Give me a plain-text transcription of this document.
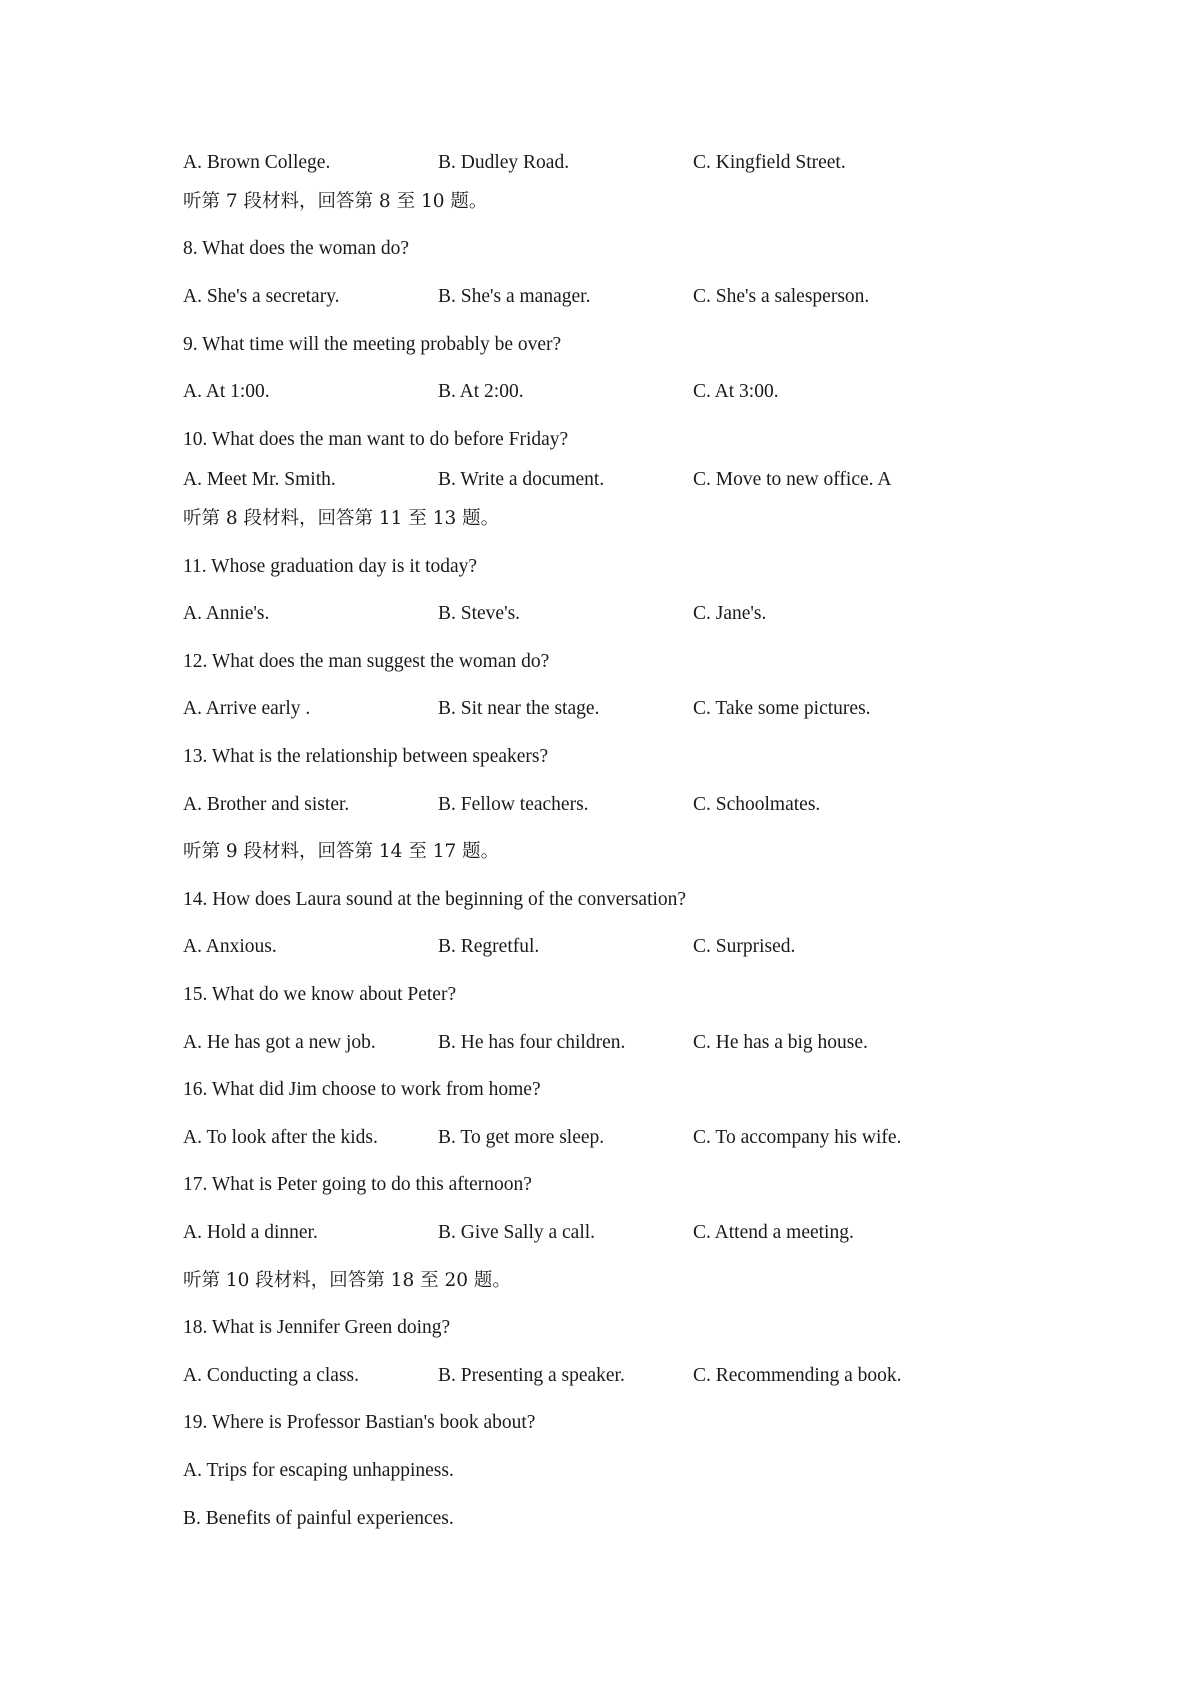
A. Brown College.	B. Dudley Road.	C. Kingfield Street.
听第 7 段材料，回答第 8 至 10 题。
8. What does the woman do?
A. She's a secretary.	B. She's a manager.	C. She's a salesperson.
9. What time will the meeting probably be over?
A. At 1:00.	B. At 2:00.	C. At 3:00.
10. What does the man want to do before Friday?
A. Meet Mr. Smith.	B. Write a document.	C. Move to new office. A
听第 8 段材料，回答第 11 至 13 题。
11. Whose graduation day is it today?
A. Annie's.	B. Steve's.	C. Jane's.
12. What does the man suggest the woman do?
A. Arrive early .	B. Sit near the stage.	C. Take some pictures.
13. What is the relationship between speakers?
A. Brother and sister.	B. Fellow teachers.	C. Schoolmates.
听第 9 段材料，回答第 14 至 17 题。
14. How does Laura sound at the beginning of the conversation?
A. Anxious.	B. Regretful.	C. Surprised.
15. What do we know about Peter?
A. He has got a new job.	B. He has four children.	C. He has a big house.
16. What did Jim choose to work from home?
A. To look after the kids.	B. To get more sleep.	C. To accompany his wife.
17. What is Peter going to do this afternoon?
A. Hold a dinner.	B. Give Sally a call.	C. Attend a meeting.
听第 10 段材料，回答第 18 至 20 题。
18. What is Jennifer Green doing?
A. Conducting a class.	B. Presenting a speaker.	C. Recommending a book.
19. Where is Professor Bastian's book about?
A. Trips for escaping unhappiness.
B. Benefits of painful experiences.
